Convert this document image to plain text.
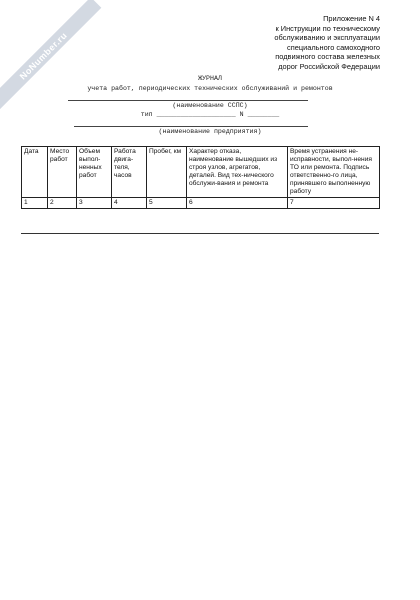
NoNumber.ru
Приложение N 4
к Инструкции по техническому
обслуживанию и эксплуатации
специального самоходного
подвижного состава железных
дорог Российской Федерации
ЖУРНАЛ
учета работ, периодических технических обслуживаний и ремонтов
(наименование ССПС)
тип ____________________ N ________
(наименование предприятия)
Дата	Место работ	Объем выпол-ненных работ	Работа двига-теля, часов	Пробег, км	Характер отказа, наименование вышедших из строя узлов, агрегатов, деталей. Вид тех-нического обслужи-вания и ремонта	Время устранения не-исправности, выпол-нения ТО или ремонта. Подпись ответственно-го лица, принявшего выполненную работу
1	2	3	4	5	6	7
